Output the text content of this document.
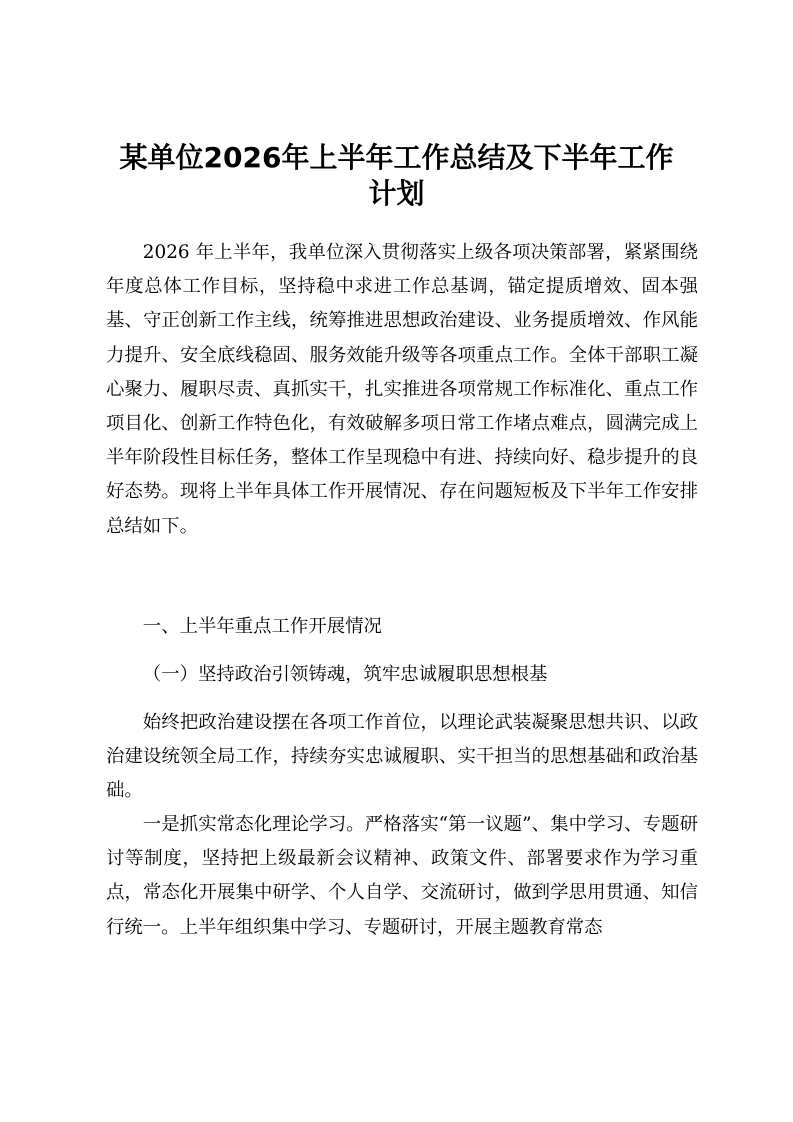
某单位2026年上半年工作总结及下半年工作
计划

2026 年上半年，我单位深入贯彻落实上级各项决策部署，紧紧围绕年度总体工作目标，坚持稳中求进工作总基调，锚定提质增效、固本强基、守正创新工作主线，统筹推进思想政治建设、业务提质增效、作风能力提升、安全底线稳固、服务效能升级等各项重点工作。全体干部职工凝心聚力、履职尽责、真抓实干，扎实推进各项常规工作标准化、重点工作项目化、创新工作特色化，有效破解多项日常工作堵点难点，圆满完成上半年阶段性目标任务，整体工作呈现稳中有进、持续向好、稳步提升的良好态势。现将上半年具体工作开展情况、存在问题短板及下半年工作安排总结如下。

一、上半年重点工作开展情况

（一）坚持政治引领铸魂，筑牢忠诚履职思想根基

始终把政治建设摆在各项工作首位，以理论武装凝聚思想共识、以政治建设统领全局工作，持续夯实忠诚履职、实干担当的思想基础和政治基础。

一是抓实常态化理论学习。严格落实“第一议题”、集中学习、专题研讨等制度，坚持把上级最新会议精神、政策文件、部署要求作为学习重点，常态化开展集中研学、个人自学、交流研讨，做到学思用贯通、知信行统一。上半年组织集中学习、专题研讨，开展主题教育常态
